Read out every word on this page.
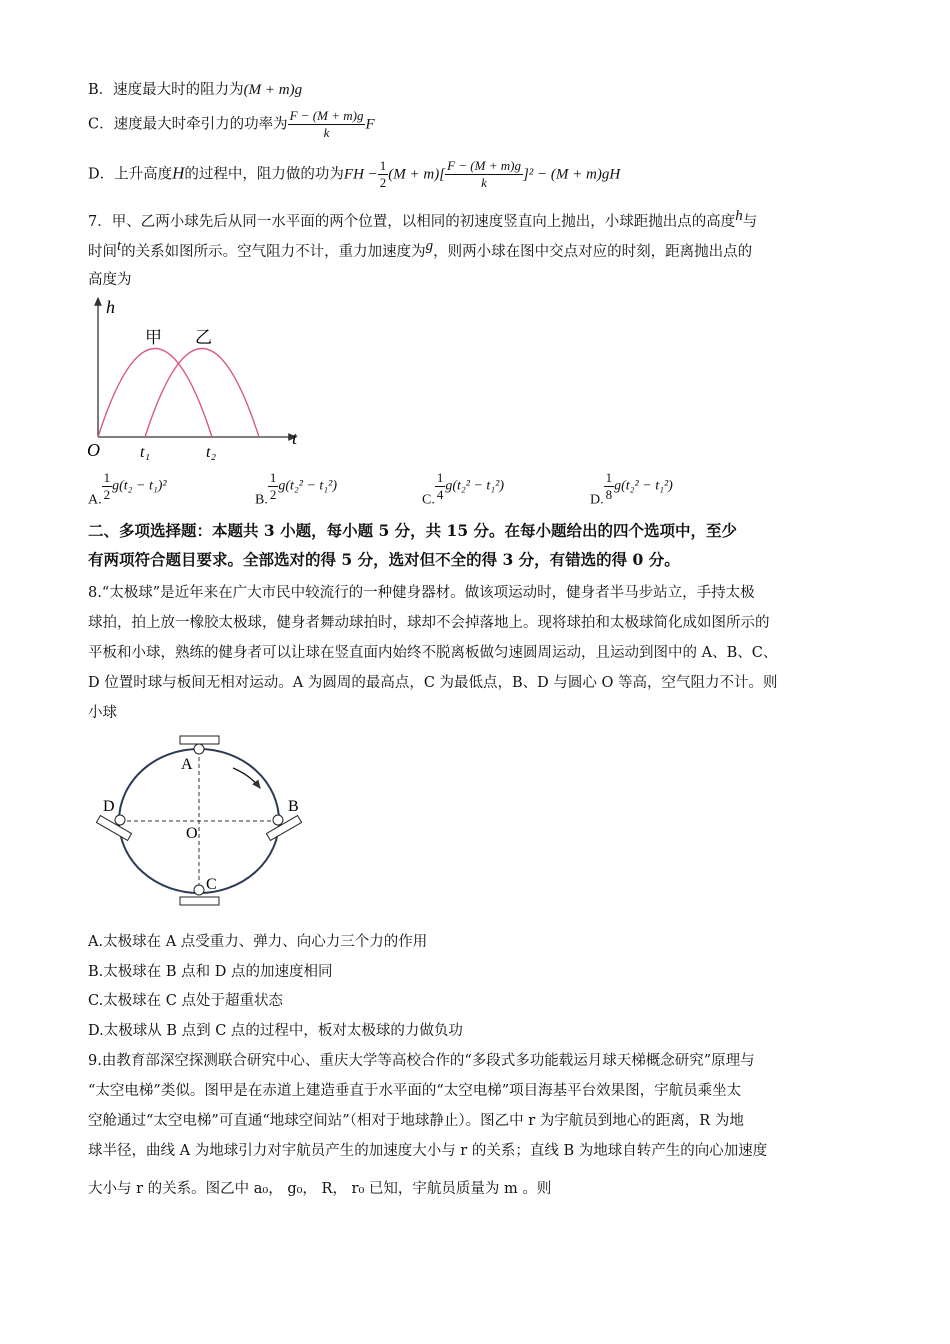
B．速度最大时的阻力为(M + m)g
C．速度最大时牵引力的功率为 $\frac{F - (M + m)g}{k}$ F
D．上升高度H的过程中，阻力做的功为FH − $\frac{1}{2} (M + m)[ \frac{F - (M + m)g}{k} ]^2 - (M + m)gH$
7．甲、乙两小球先后从同一水平面的两个位置，以相同的初速度竖直向上抛出，小球距抛出点的高度$^h$与
时间$^t$的关系如图所示。空气阻力不计，重力加速度为$^g$，则两小球在图中交点对应的时刻，距离抛出点的
高度为
h
t
O	t₁	t₂
甲 乙
A
B
C
D
O
A. $\frac{1}{2} g(t_2 - t_1)^2$
B. $\frac{1}{2} g(t_2^2 - t_1^2)$
C. $\frac{1}{4} g(t_2^2 - t_1^2)$
D. $\frac{1}{8} g(t_2^2 - t_1^2)$
二、多项选择题：本题共 3 小题，每小题 5 分，共 15 分。在每小题给出的四个选项中，至少
有两项符合题目要求。全部选对的得 5 分，选对但不全的得 3 分，有错选的得 0 分。
8.“太极球”是近年来在广大市民中较流行的一种健身器材。做该项运动时，健身者半马步站立，手持太极
球拍，拍上放一橡胶太极球，健身者舞动球拍时，球却不会掉落地上。现将球拍和太极球简化成如图所示的
平板和小球，熟练的健身者可以让球在竖直面内始终不脱离板做匀速圆周运动，且运动到图中的 A、B、C、
D 位置时球与板间无相对运动。A 为圆周的最高点，C 为最低点，B、D 与圆心 O 等高，空气阻力不计。则
小球
A.太极球在 A 点受重力、弹力、向心力三个力的作用
B.太极球在 B 点和 D 点的加速度相同
C.太极球在 C 点处于超重状态
D.太极球从 B 点到 C 点的过程中，板对太极球的力做负功
9.由教育部深空探测联合研究中心、重庆大学等高校合作的“多段式多功能载运月球天梯概念研究”原理与
“太空电梯”类似。图甲是在赤道上建造垂直于水平面的“太空电梯”项目海基平台效果图，宇航员乘坐太
空舱通过“太空电梯”可直通“地球空间站”（相对于地球静止）。图乙中 r 为宇航员到地心的距离，R 为地
球半径，曲线 A 为地球引力对宇航员产生的加速度大小与 r 的关系；直线 B 为地球自转产生的向心加速度
大小与 r 的关系。图乙中 a₀， g₀， R， r₀ 已知，宇航员质量为 m 。则
